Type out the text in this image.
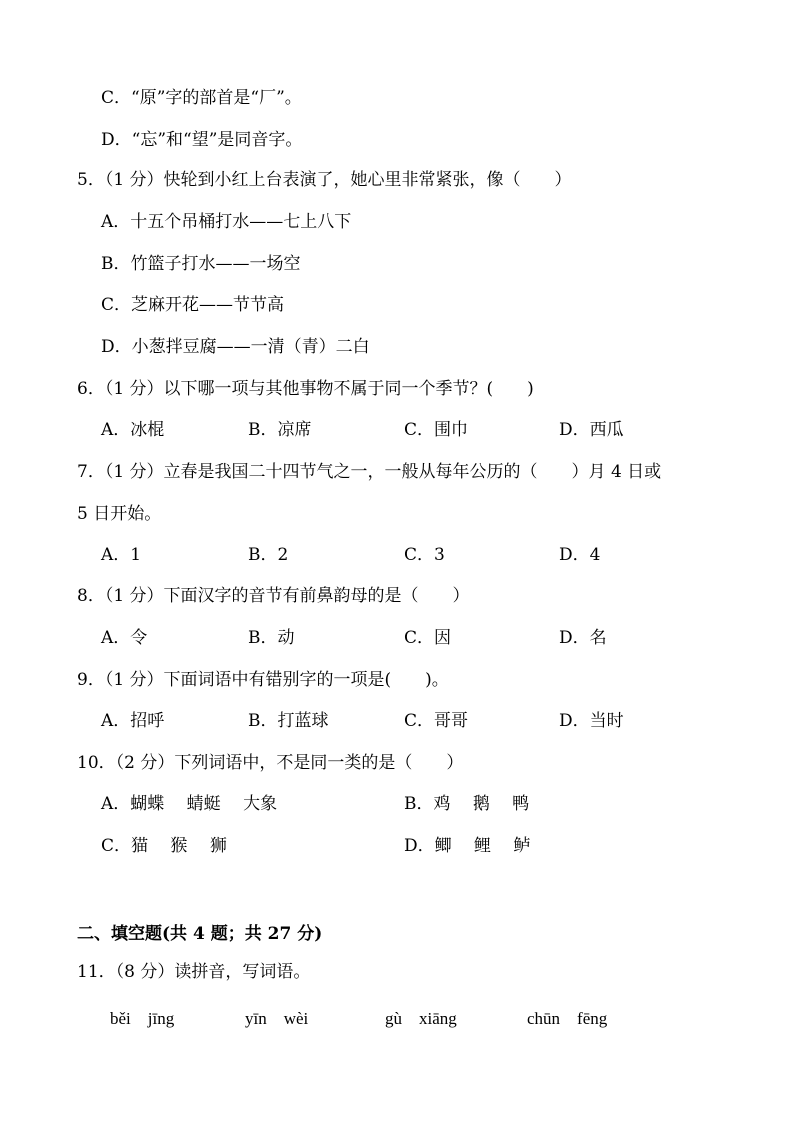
C．“原”字的部首是“厂”。
D．“忘”和“望”是同音字。
5．（1 分）快轮到小红上台表演了，她心里非常紧张，像（　　）
A．十五个吊桶打水——七上八下
B．竹篮子打水——一场空
C．芝麻开花——节节高
D．小葱拌豆腐——一清（青）二白
6．（1 分）以下哪一项与其他事物不属于同一个季节？(　　)
A．冰棍	B．凉席	C．围巾	D．西瓜
7．（1 分）立春是我国二十四节气之一，一般从每年公历的（　　）月 4 日或
5 日开始。
A．1	B．2	C．3	D．4
8．（1 分）下面汉字的音节有前鼻韵母的是（　　）
A．令	B．动	C．因	D．名
9．（1 分）下面词语中有错别字的一项是(　　)。
A．招呼	B．打蓝球	C．哥哥	D．当时
10．（2 分）下列词语中，不是同一类的是（　　）
A．蝴蝶　 蜻蜓　 大象	B．鸡　 鹅　 鸭
C．猫　 猴　 狮	D．鲫　 鲤　 鲈
二、填空题(共 4 题；共 27 分)
11．（8 分）读拼音，写词语。
běi　jīng	yīn　wèi	gù　xiāng	chūn　fēng
